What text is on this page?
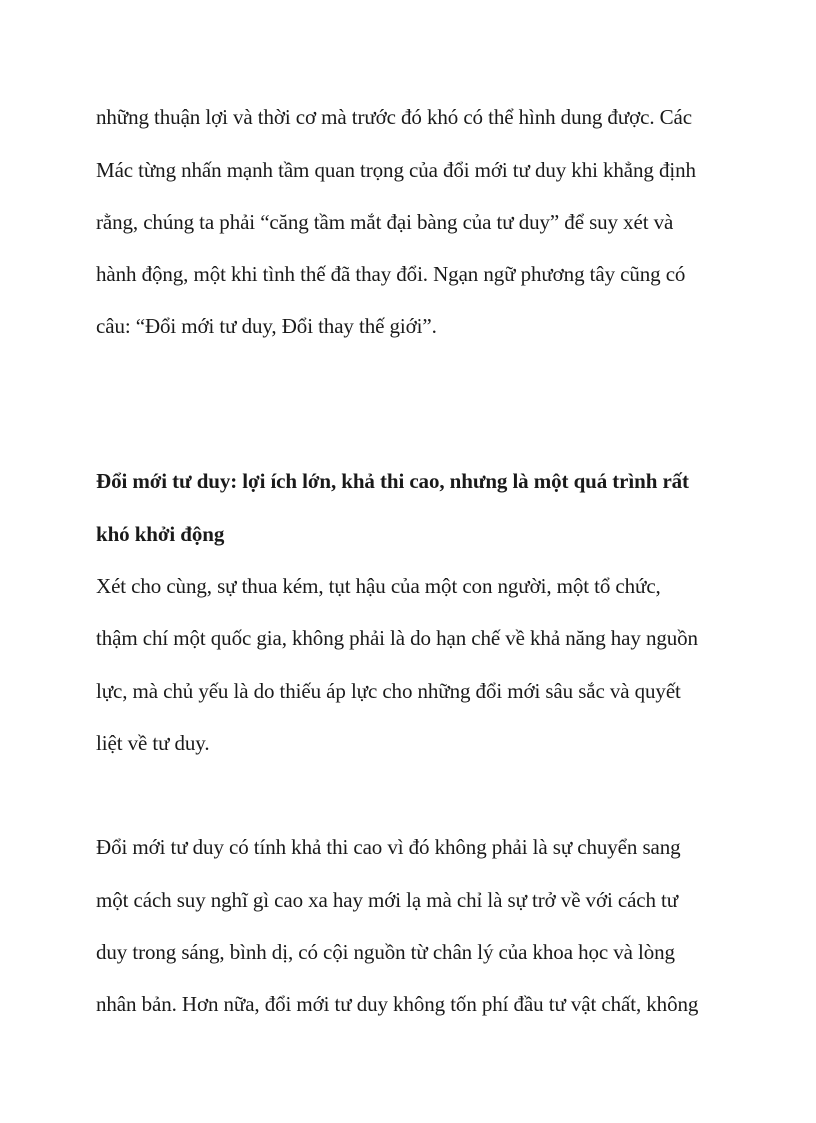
những thuận lợi và thời cơ mà trước đó khó có thể hình dung được. Các
Mác từng nhấn mạnh tầm quan trọng của đổi mới tư duy khi khẳng định
rằng, chúng ta phải “căng tầm mắt đại bàng của tư duy” để suy xét và
hành động, một khi tình thế đã thay đổi. Ngạn ngữ phương tây cũng có
câu: “Đổi mới tư duy, Đổi thay thế giới”.
Đổi mới tư duy: lợi ích lớn, khả thi cao, nhưng là một quá trình rất
khó khởi động
Xét cho cùng, sự thua kém, tụt hậu của một con người, một tổ chức,
thậm chí một quốc gia, không phải là do hạn chế về khả năng hay nguồn
lực, mà chủ yếu là do thiếu áp lực cho những đổi mới sâu sắc và quyết
liệt về tư duy.
Đổi mới tư duy có tính khả thi cao vì đó không phải là sự chuyển sang
một cách suy nghĩ gì cao xa hay mới lạ mà chỉ là sự trở về với cách tư
duy trong sáng, bình dị, có cội nguồn từ chân lý của khoa học và lòng
nhân bản. Hơn nữa, đổi mới tư duy không tốn phí đầu tư vật chất, không
